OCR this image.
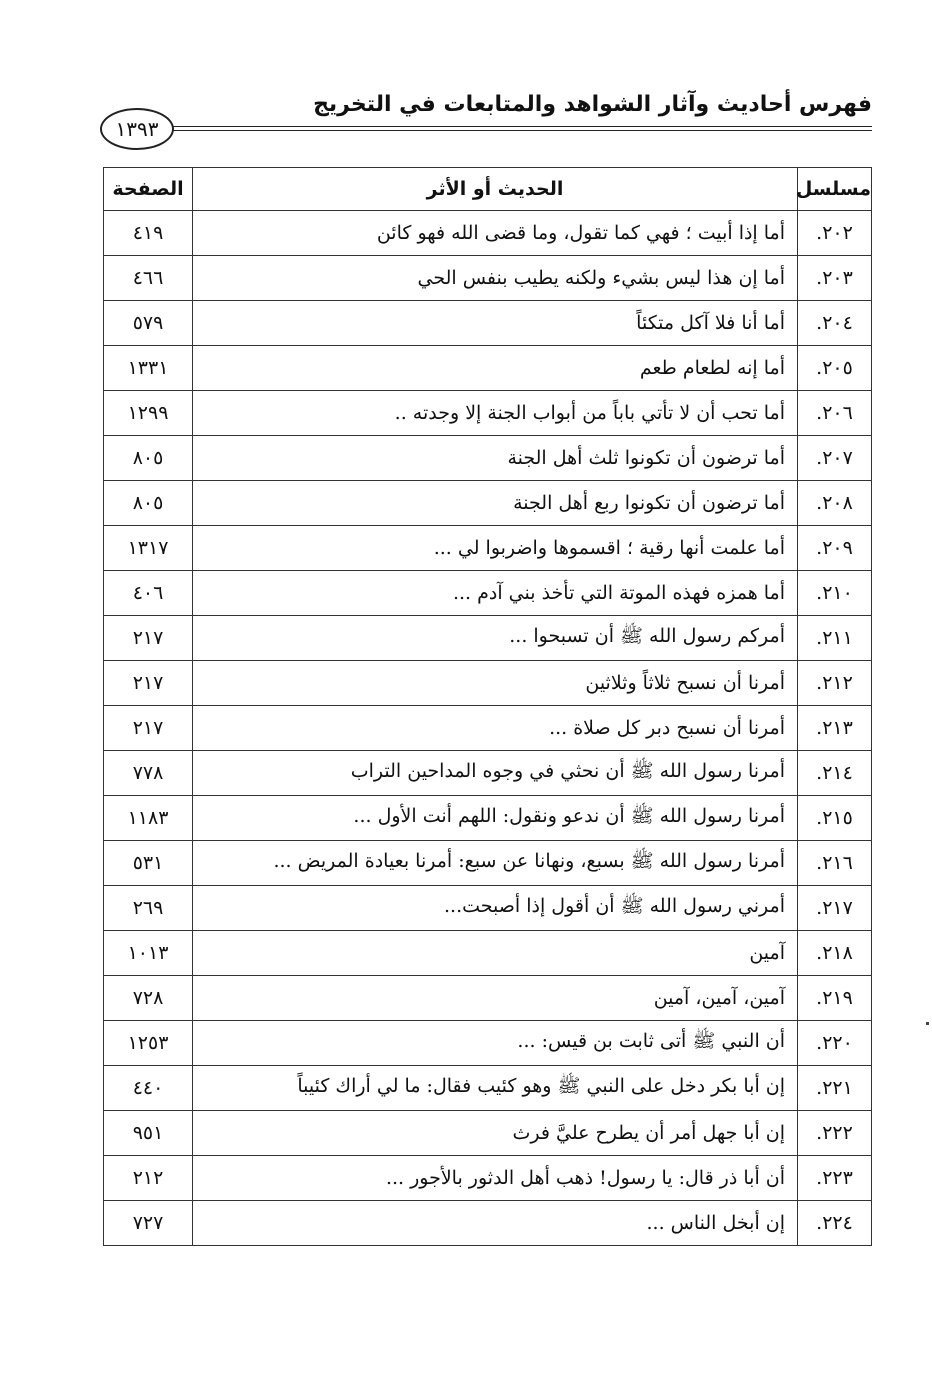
فهرس أحاديث وآثار الشواهد والمتابعات في التخريج
١٣٩٣
مسلسل	الحديث أو الأثر	الصفحة
٢٠٢.	أما إذا أبيت ؛ فهي كما تقول، وما قضى الله فهو كائن	٤١٩
٢٠٣.	أما إن هذا ليس بشيء ولكنه يطيب بنفس الحي	٤٦٦
٢٠٤.	أما أنا فلا آكل متكئاً	٥٧٩
٢٠٥.	أما إنه لطعام طعم	١٣٣١
٢٠٦.	أما تحب أن لا تأتي باباً من أبواب الجنة إلا وجدته ..	١٢٩٩
٢٠٧.	أما ترضون أن تكونوا ثلث أهل الجنة	٨٠٥
٢٠٨.	أما ترضون أن تكونوا ربع أهل الجنة	٨٠٥
٢٠٩.	أما علمت أنها رقية ؛ اقسموها واضربوا لي ...	١٣١٧
٢١٠.	أما همزه فهذه الموتة التي تأخذ بني آدم ...	٤٠٦
٢١١.	أمركم رسول الله ﷺ أن تسبحوا ...	٢١٧
٢١٢.	أمرنا أن نسبح ثلاثاً وثلاثين	٢١٧
٢١٣.	أمرنا أن نسبح دبر كل صلاة ...	٢١٧
٢١٤.	أمرنا رسول الله ﷺ أن نحثي في وجوه المداحين التراب	٧٧٨
٢١٥.	أمرنا رسول الله ﷺ أن ندعو ونقول: اللهم أنت الأول ...	١١٨٣
٢١٦.	أمرنا رسول الله ﷺ بسبع، ونهانا عن سبع: أمرنا بعيادة المريض ...	٥٣١
٢١٧.	أمرني رسول الله ﷺ أن أقول إذا أصبحت...	٢٦٩
٢١٨.	آمين	١٠١٣
٢١٩.	آمين، آمين، آمين	٧٢٨
٢٢٠.	أن النبي ﷺ أتى ثابت بن قيس: ...	١٢٥٣
٢٢١.	إن أبا بكر دخل على النبي ﷺ وهو كئيب فقال: ما لي أراك كئيباً	٤٤٠
٢٢٢.	إن أبا جهل أمر أن يطرح عليَّ فرث	٩٥١
٢٢٣.	أن أبا ذر قال: يا رسول! ذهب أهل الدثور بالأجور ...	٢١٢
٢٢٤.	إن أبخل الناس ...	٧٢٧
